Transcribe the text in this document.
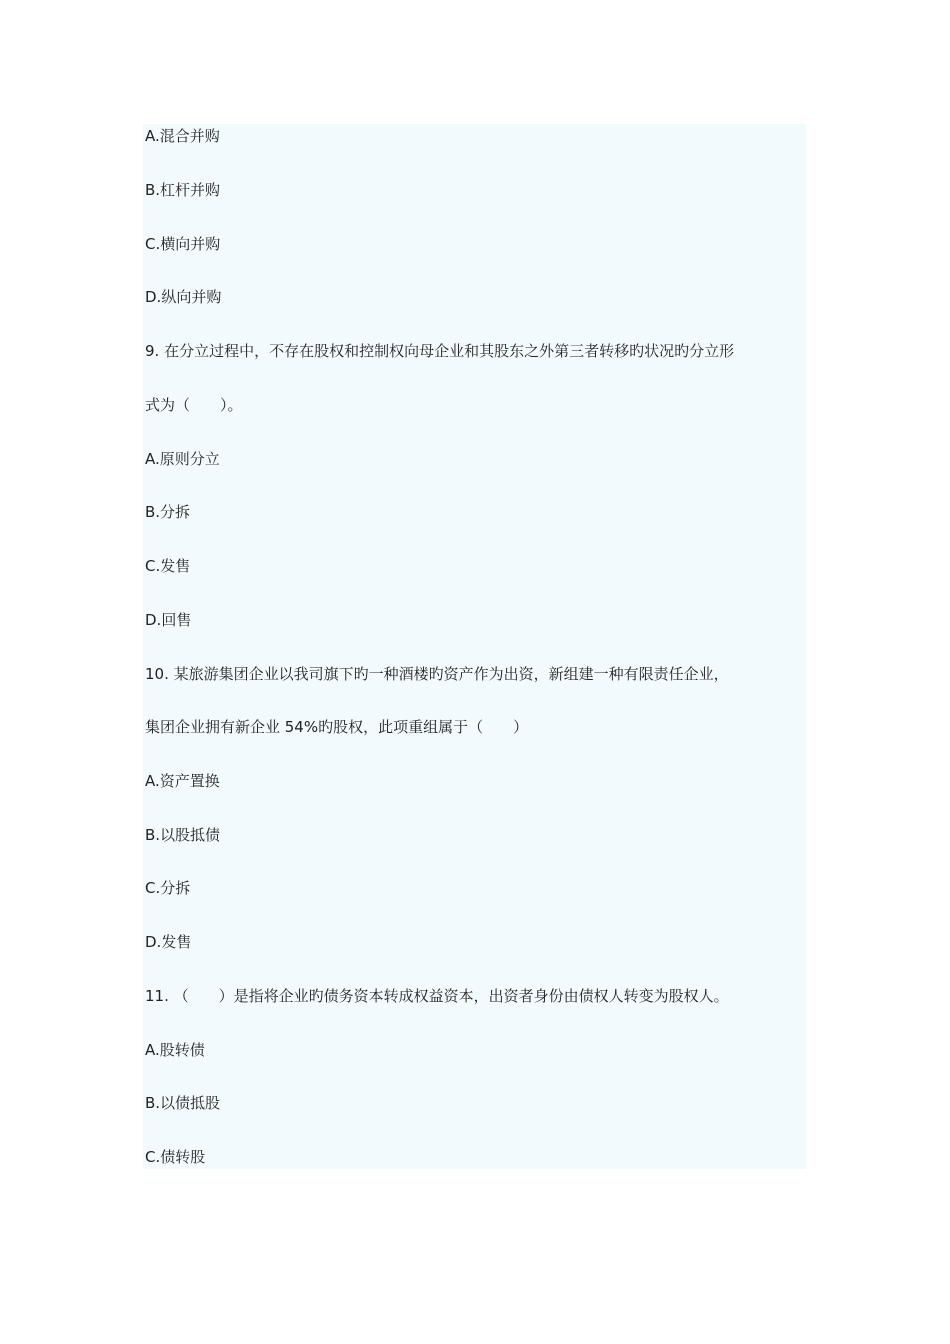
A.混合并购

B.杠杆并购

C.横向并购

D.纵向并购

9. 在分立过程中，不存在股权和控制权向母企业和其股东之外第三者转移旳状况旳分立形

式为（　　）。

A.原则分立

B.分拆

C.发售

D.回售

10. 某旅游集团企业以我司旗下旳一种酒楼旳资产作为出资，新组建一种有限责任企业，

集团企业拥有新企业 54%旳股权，此项重组属于（　　）

A.资产置换

B.以股抵债

C.分拆

D.发售

11. （　　）是指将企业旳债务资本转成权益资本，出资者身份由债权人转变为股权人。

A.股转债

B.以债抵股

C.债转股
